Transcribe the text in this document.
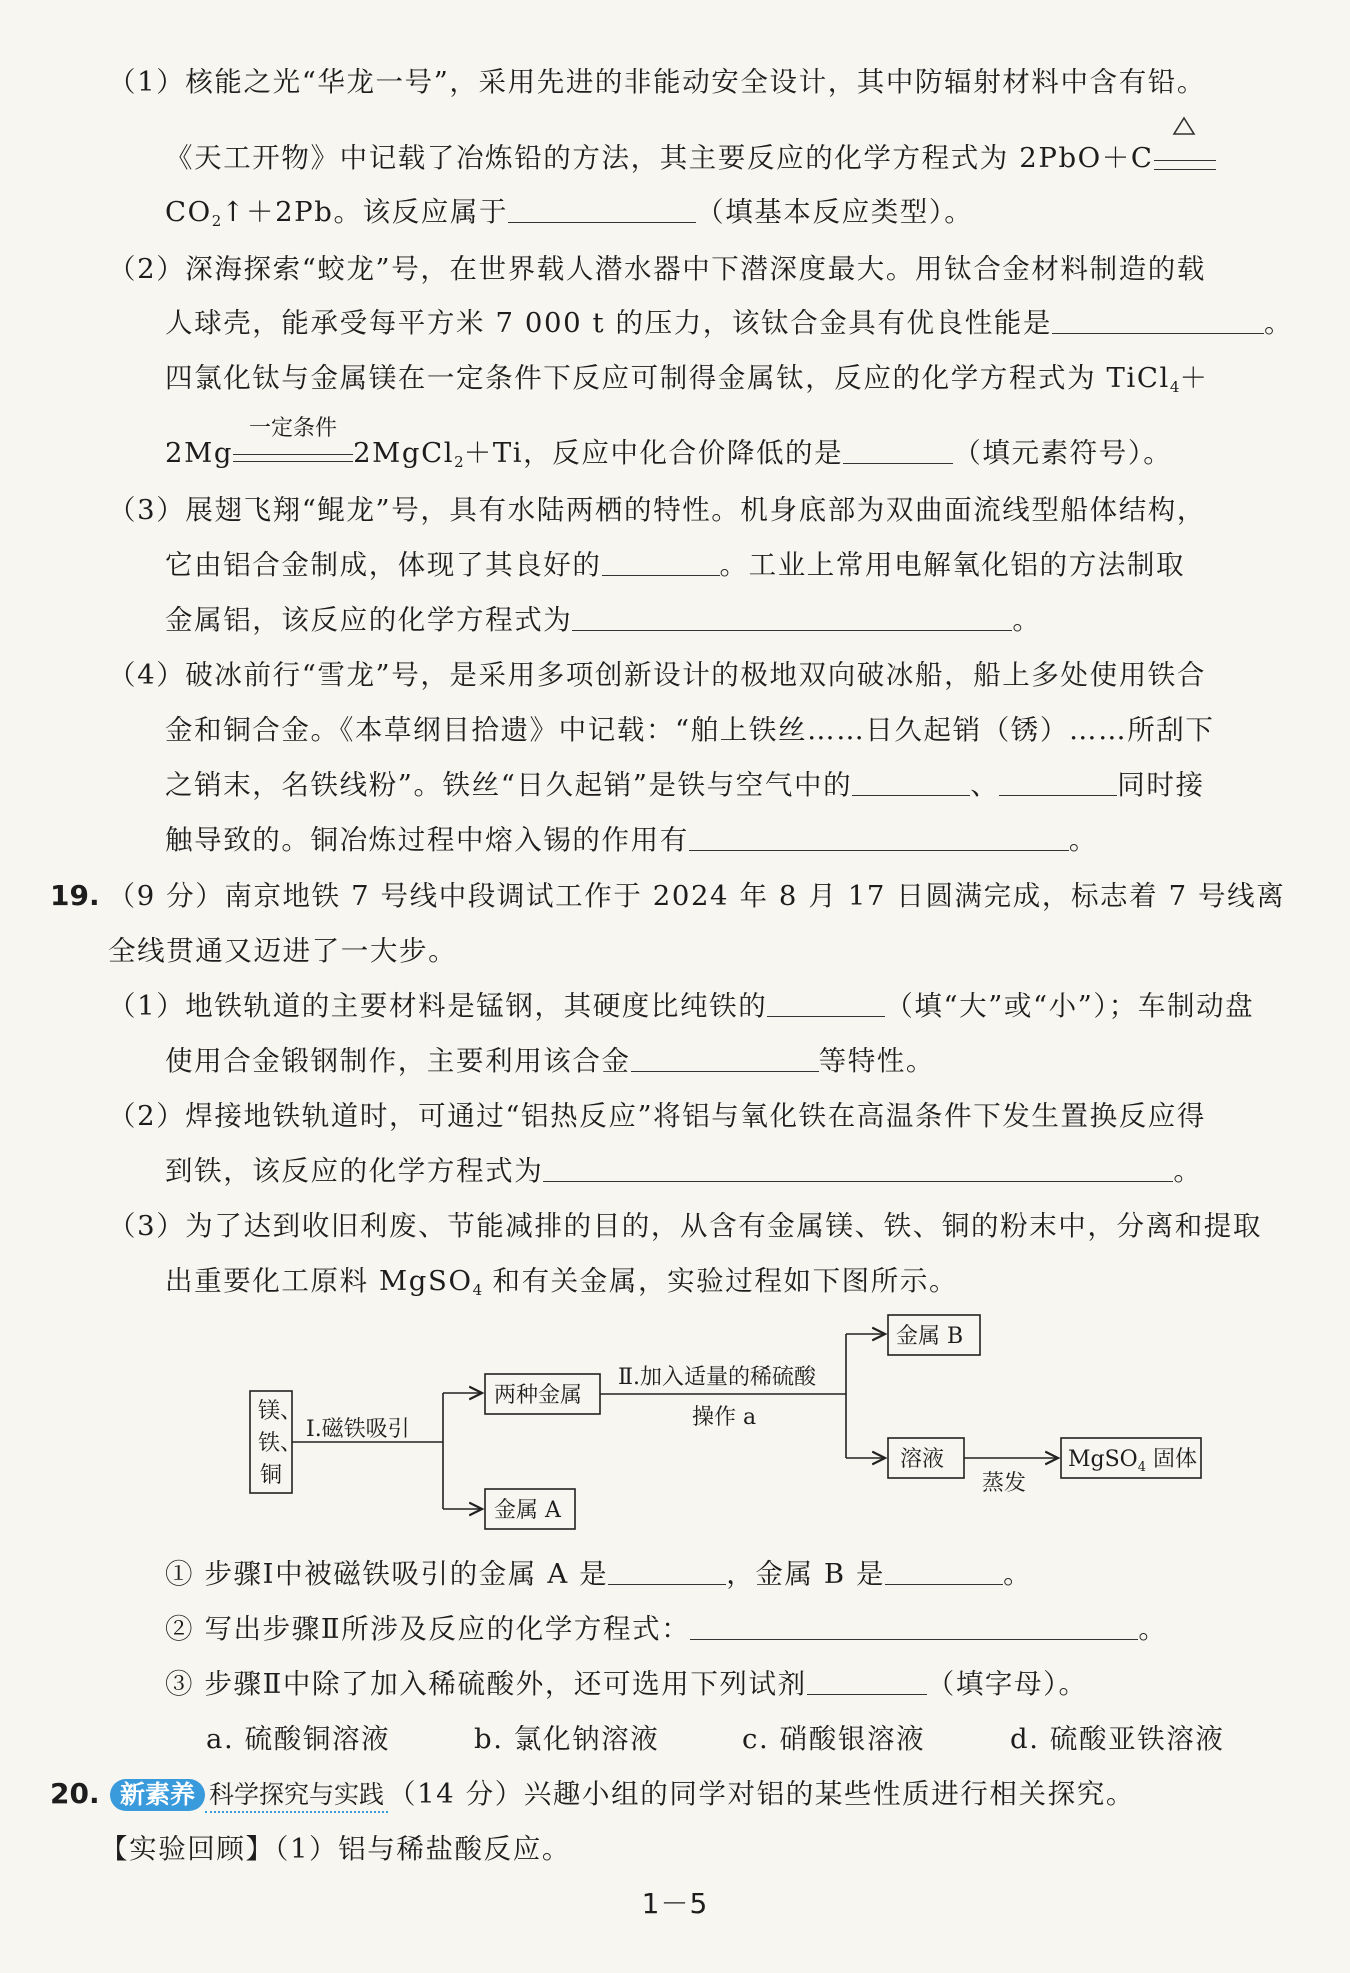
（1）核能之光“华龙一号”，采用先进的非能动安全设计，其中防辐射材料中含有铅。
《天工开物》中记载了冶炼铅的方法，其主要反应的化学方程式为 2PbO＋C
$CO_2↑+2Pb$。该反应属于	（填基本反应类型）。
（2）深海探索“蛟龙”号，在世界载人潜水器中下潜深度最大。用钛合金材料制造的载
人球壳，能承受每平方米 7 000 t 的压力，该钛合金具有优良性能是	。
四氯化钛与金属镁在一定条件下反应可制得金属钛，反应的化学方程式为 TiCl$_4$＋
2Mg
一定条件
2MgCl$_2$＋Ti，反应中化合价降低的是	（填元素符号）。
（3）展翅飞翔“鲲龙”号，具有水陆两栖的特性。机身底部为双曲面流线型船体结构，
它由铝合金制成，体现了其良好的	。工业上常用电解氧化铝的方法制取
金属铝，该反应的化学方程式为	。
（4）破冰前行“雪龙”号，是采用多项创新设计的极地双向破冰船，船上多处使用铁合
金和铜合金。《本草纲目拾遗》中记载：“舶上铁丝……日久起销（锈）……所刮下
之销末，名铁线粉”。铁丝“日久起销”是铁与空气中的	、	同时接
触导致的。铜冶炼过程中熔入锡的作用有	。
19. （9 分）南京地铁 7 号线中段调试工作于 2024 年 8 月 17 日圆满完成，标志着 7 号线离
全线贯通又迈进了一大步。
（1）地铁轨道的主要材料是锰钢，其硬度比纯铁的	（填“大”或“小”）；车制动盘
使用合金锻钢制作，主要利用该合金	等特性。
（2）焊接地铁轨道时，可通过“铝热反应”将铝与氧化铁在高温条件下发生置换反应得
到铁，该反应的化学方程式为	。
（3）为了达到收旧利废、节能减排的目的，从含有金属镁、铁、铜的粉末中，分离和提取
出重要化工原料 MgSO$_4$ 和有关金属，实验过程如下图所示。
镁、
铁、
铜
Ⅰ.磁铁吸引
两种金属
金属 A
Ⅱ.加入适量的稀硫酸
操作 a
金属 B
溶液
蒸发
MgSO$_4$ 固体
① 步骤Ⅰ中被磁铁吸引的金属 A 是	，金属 B 是	。
② 写出步骤Ⅱ所涉及反应的化学方程式：	。
③ 步骤Ⅱ中除了加入稀硫酸外，还可选用下列试剂	（填字母）。
a. 硫酸铜溶液	b. 氯化钠溶液	c. 硝酸银溶液	d. 硫酸亚铁溶液
20. 新素养 科学探究与实践 （14 分）兴趣小组的同学对铝的某些性质进行相关探究。
【实验回顾】（1）铝与稀盐酸反应。
1－5
